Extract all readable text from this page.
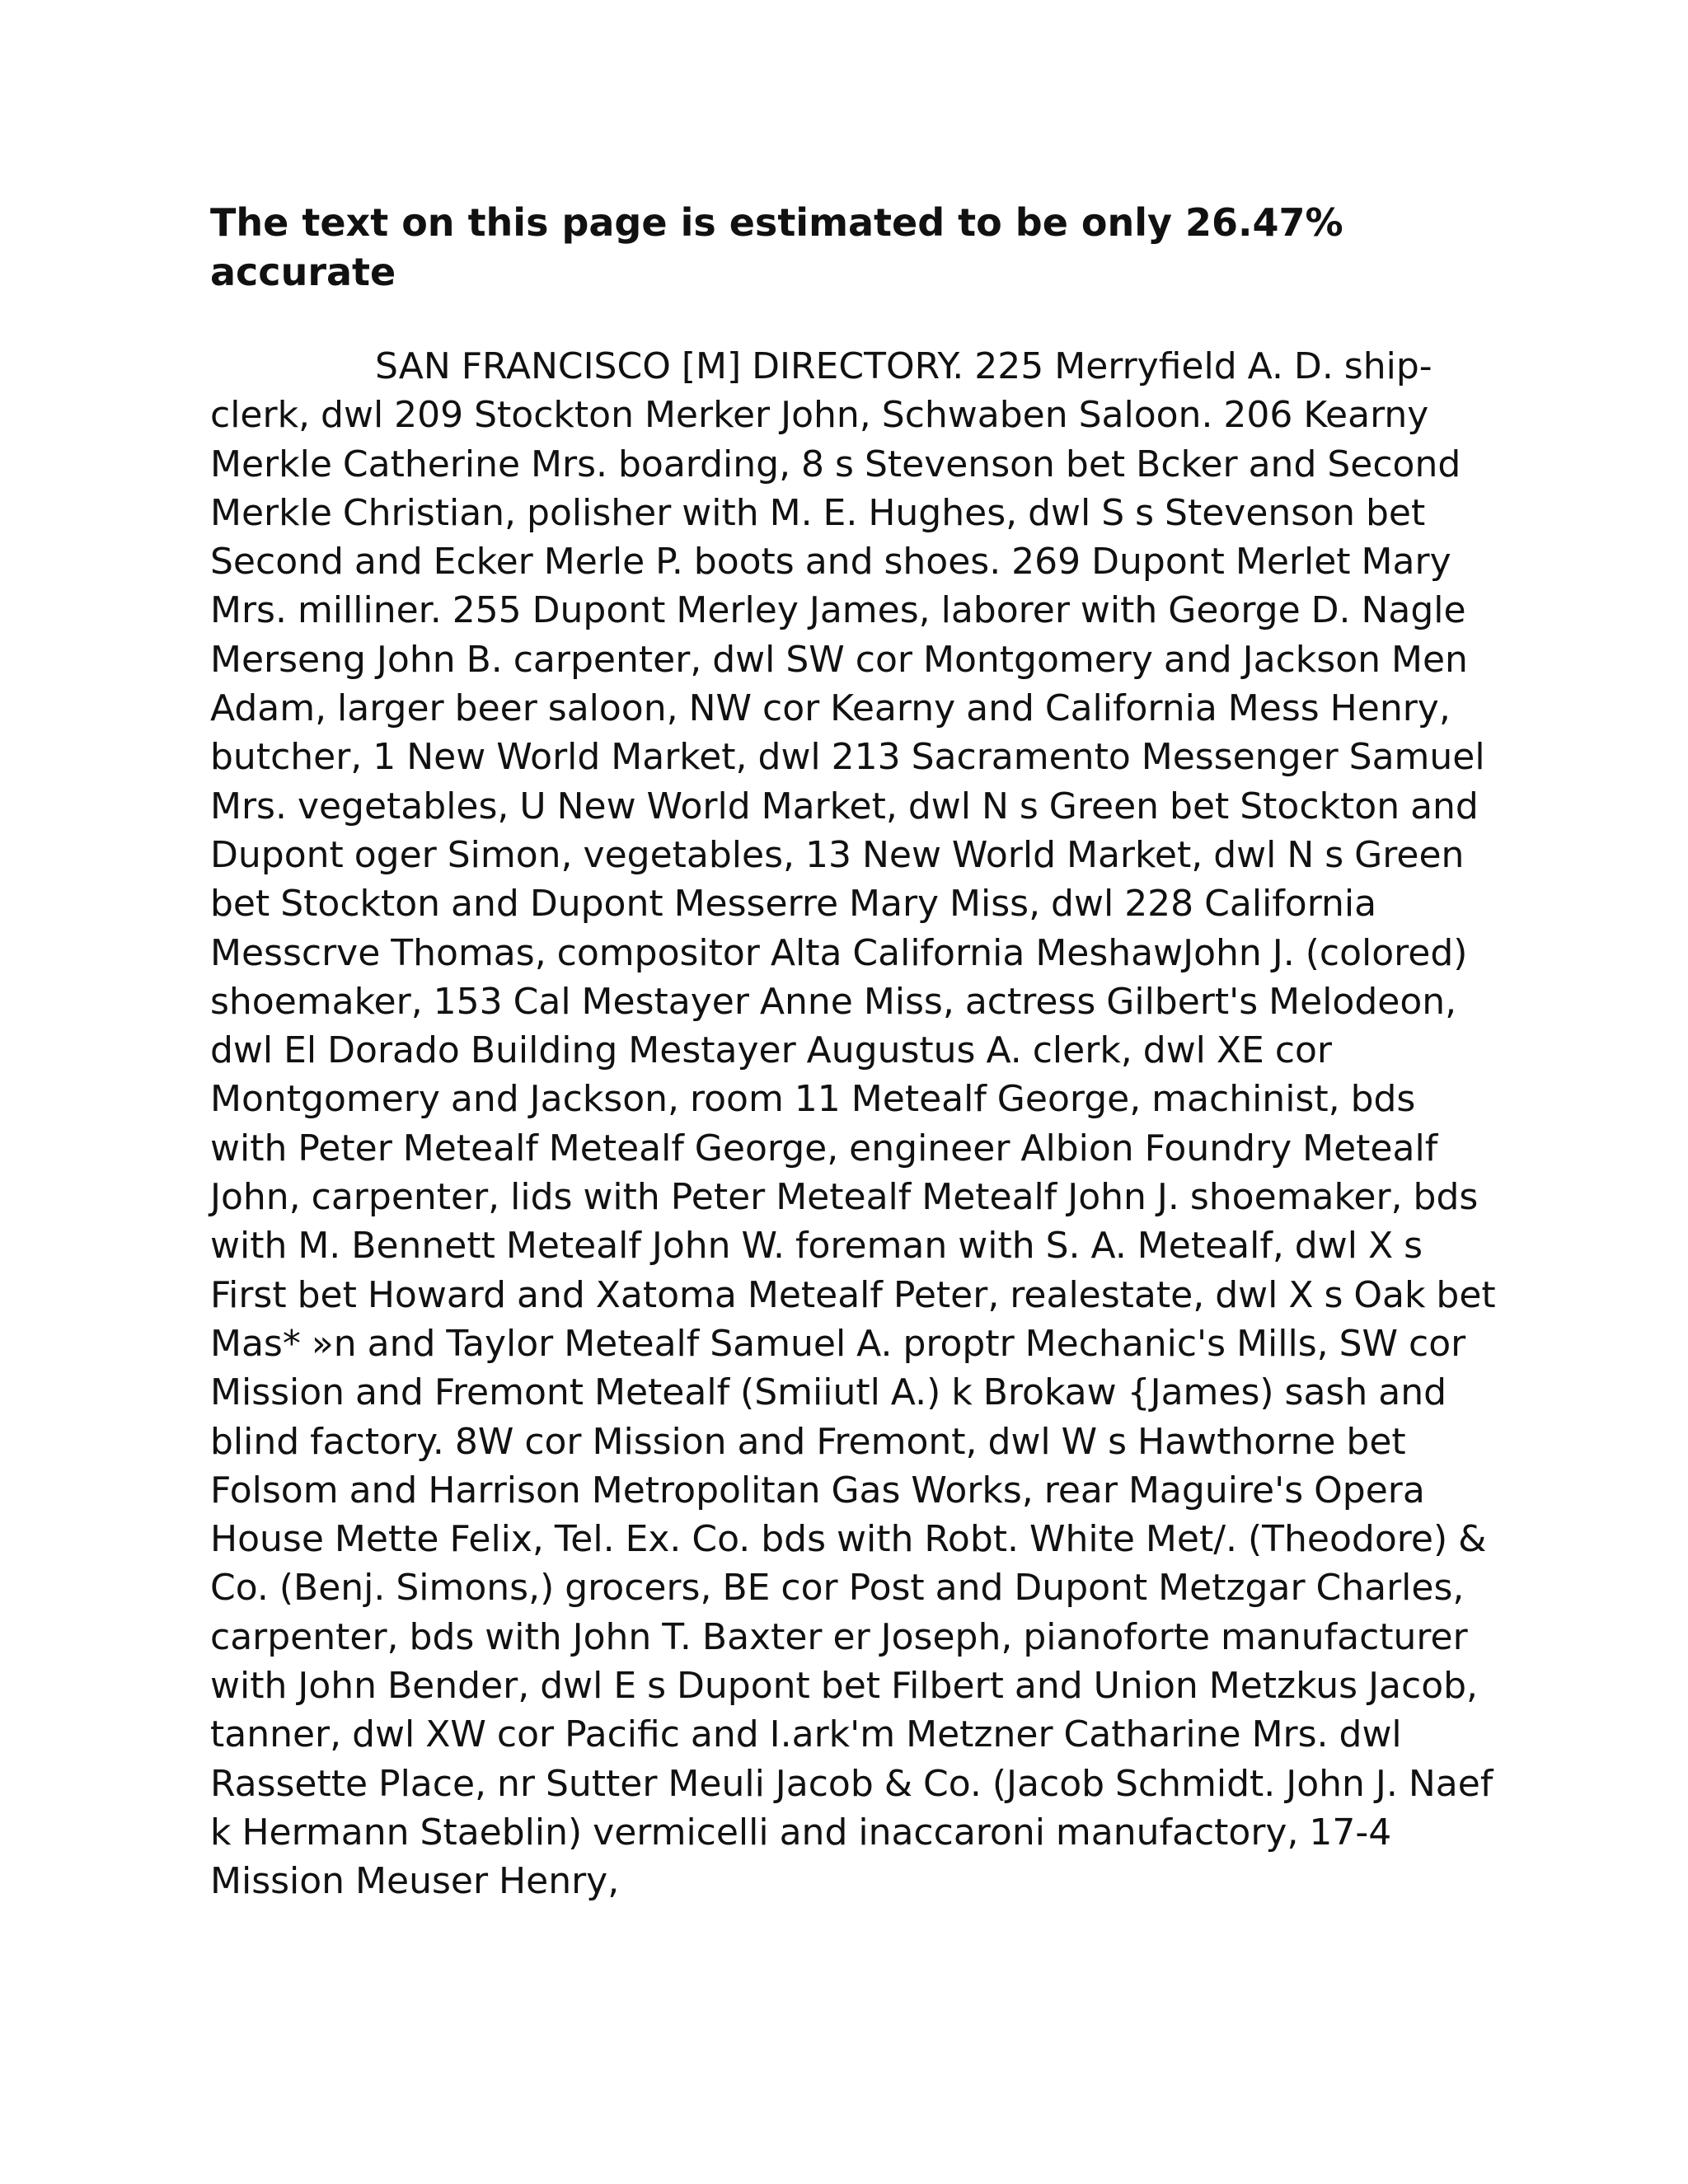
The text on this page is estimated to be only 26.47% accurate

SAN FRANCISCO [M] DIRECTORY. 225 Merryfield A. D. ship-clerk, dwl 209 Stockton Merker John, Schwaben Saloon. 206 Kearny Merkle Catherine Mrs. boarding, 8 s Stevenson bet Bcker and Second Merkle Christian, polisher with M. E. Hughes, dwl S s Stevenson bet Second and Ecker Merle P. boots and shoes. 269 Dupont Merlet Mary Mrs. milliner. 255 Dupont Merley James, laborer with George D. Nagle Merseng John B. carpenter, dwl SW cor Montgomery and Jackson Men Adam, larger beer saloon, NW cor Kearny and California Mess Henry, butcher, 1 New World Market, dwl 213 Sacramento Messenger Samuel Mrs. vegetables, U New World Market, dwl N s Green bet Stockton and Dupont oger Simon, vegetables, 13 New World Market, dwl N s Green bet Stockton and Dupont Messerre Mary Miss, dwl 228 California Messcrve Thomas, compositor Alta California MeshawJohn J. (colored) shoemaker, 153 Cal Mestayer Anne Miss, actress Gilbert's Melodeon, dwl El Dorado Building Mestayer Augustus A. clerk, dwl XE cor Montgomery and Jackson, room 11 Metealf George, machinist, bds with Peter Metealf Metealf George, engineer Albion Foundry Metealf John, carpenter, lids with Peter Metealf Metealf John J. shoemaker, bds with M. Bennett Metealf John W. foreman with S. A. Metealf, dwl X s First bet Howard and Xatoma Metealf Peter, realestate, dwl X s Oak bet Mas* »n and Taylor Metealf Samuel A. proptr Mechanic's Mills, SW cor Mission and Fremont Metealf (Smiiutl A.) k Brokaw {James) sash and blind factory. 8W cor Mission and Fremont, dwl W s Hawthorne bet Folsom and Harrison Metropolitan Gas Works, rear Maguire's Opera House Mette Felix, Tel. Ex. Co. bds with Robt. White Met/. (Theodore) & Co. (Benj. Simons,) grocers, BE cor Post and Dupont Metzgar Charles, carpenter, bds with John T. Baxter er Joseph, pianoforte manufacturer with John Bender, dwl E s Dupont bet Filbert and Union Metzkus Jacob, tanner, dwl XW cor Pacific and I.ark'm Metzner Catharine Mrs. dwl Rassette Place, nr Sutter Meuli Jacob & Co. (Jacob Schmidt. John J. Naef k Hermann Staeblin) vermicelli and inaccaroni manufactory, 17-4 Mission Meuser Henry,
